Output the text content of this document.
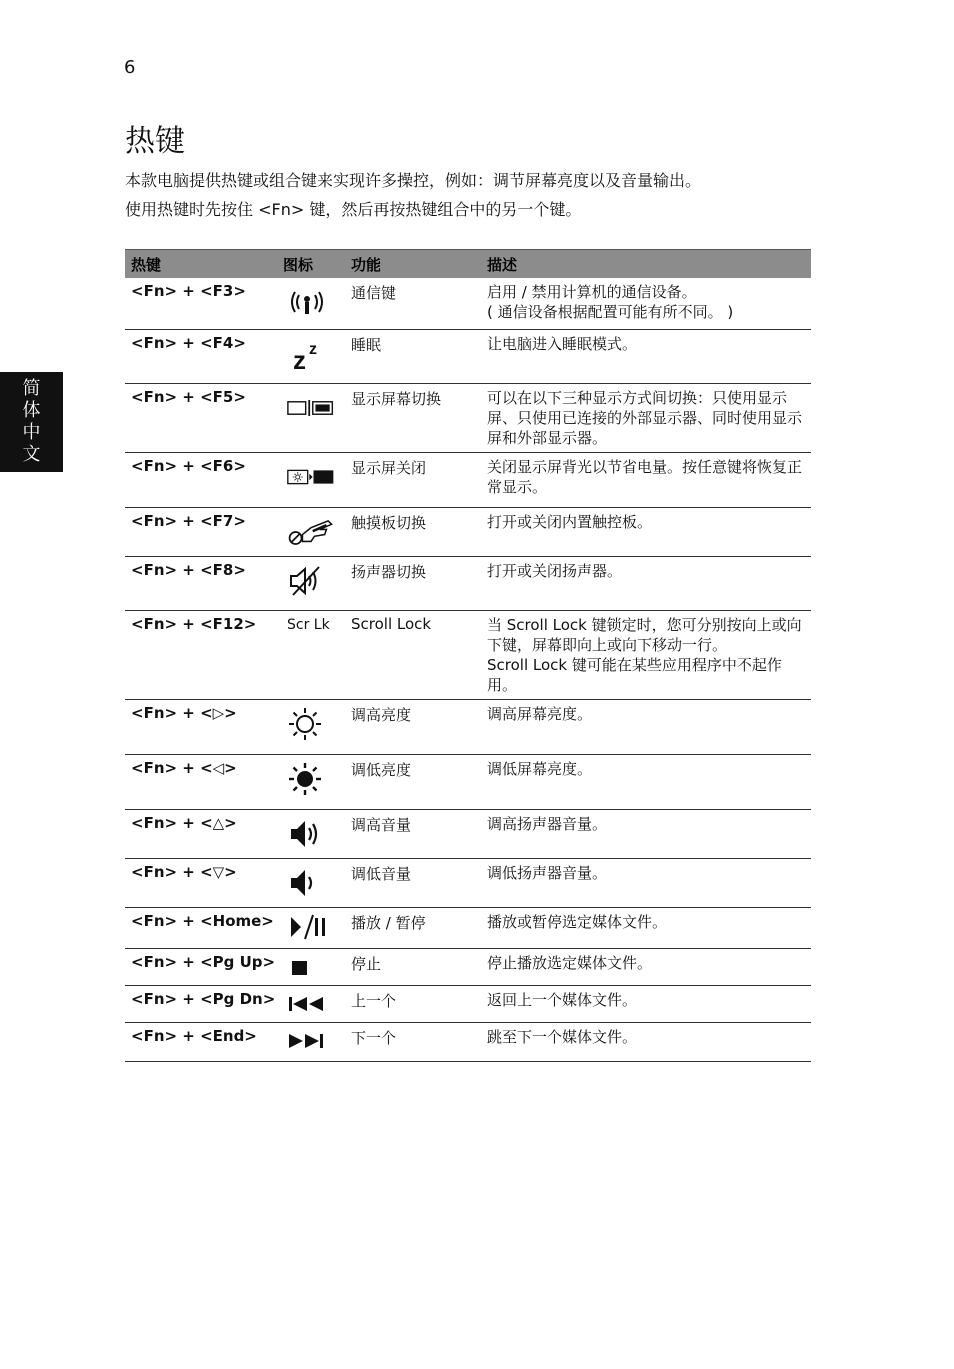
6
简
体
中
文
热键

本款电脑提供热键或组合键来实现许多操控，例如：调节屏幕亮度以及音量输出。

使用热键时先按住 <Fn> 键，然后再按热键组合中的另一个键。

热键	图标	功能	描述
<Fn> + <F3>		通信键	启用 / 禁用计算机的通信设备。
( 通信设备根据配置可能有所不同。 )
<Fn> + <F4>	z z	睡眠	让电脑进入睡眠模式。
<Fn> + <F5>		显示屏幕切换	可以在以下三种显示方式间切换：只使用显示屏、只使用已连接的外部显示器、同时使用显示屏和外部显示器。
<Fn> + <F6>		显示屏关闭	关闭显示屏背光以节省电量。按任意键将恢复正常显示。
<Fn> + <F7>		触摸板切换	打开或关闭内置触控板。
<Fn> + <F8>		扬声器切换	打开或关闭扬声器。
<Fn> + <F12>	Scr Lk	Scroll Lock	当 Scroll Lock 键锁定时，您可分别按向上或向下键，屏幕即向上或向下移动一行。
Scroll Lock 键可能在某些应用程序中不起作用。
<Fn> + <▷>		调高亮度	调高屏幕亮度。
<Fn> + <◁>		调低亮度	调低屏幕亮度。
<Fn> + <△>		调高音量	调高扬声器音量。
<Fn> + <▽>		调低音量	调低扬声器音量。
<Fn> + <Home>		播放 / 暂停	播放或暂停选定媒体文件。
<Fn> + <Pg Up>		停止	停止播放选定媒体文件。
<Fn> + <Pg Dn>		上一个	返回上一个媒体文件。
<Fn> + <End>		下一个	跳至下一个媒体文件。
